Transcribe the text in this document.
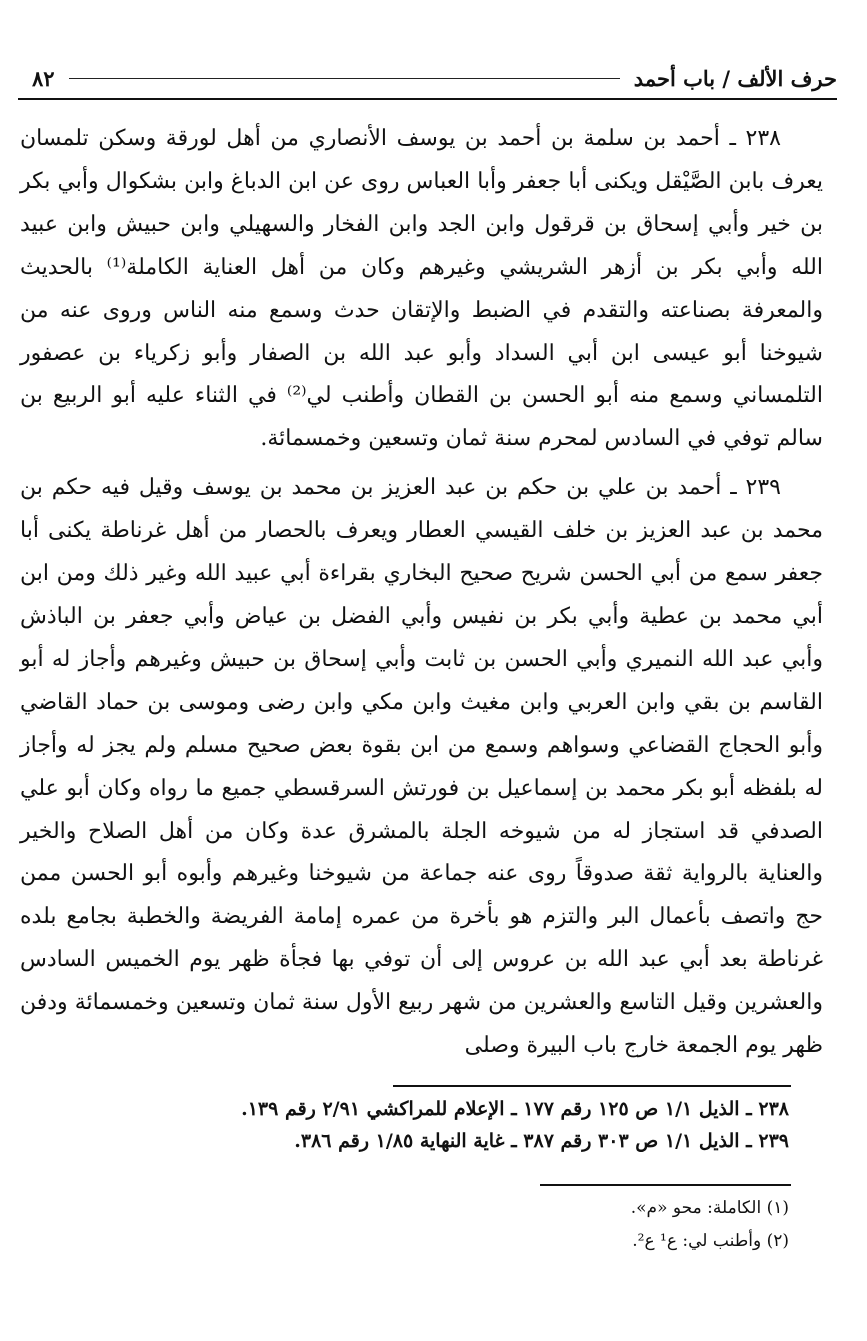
٨٢	حرف الألف / باب أحمد

٢٣٨ ـ أحمد بن سلمة بن أحمد بن يوسف الأنصاري من أهل لورقة وسكن تلمسان يعرف بابن الصَّيْقل ويكنى أبا جعفر وأبا العباس روى عن ابن الدباغ وابن بشكوال وأبي بكر بن خير وأبي إسحاق بن قرقول وابن الجد وابن الفخار والسهيلي وابن حبيش وابن عبيد الله وأبي بكر بن أزهر الشريشي وغيرهم وكان من أهل العناية الكاملة⁽¹⁾ بالحديث والمعرفة بصناعته والتقدم في الضبط والإتقان حدث وسمع منه الناس وروى عنه من شيوخنا أبو عيسى ابن أبي السداد وأبو عبد الله بن الصفار وأبو زكرياء بن عصفور التلمساني وسمع منه أبو الحسن بن القطان وأطنب لي⁽²⁾ في الثناء عليه أبو الربيع بن سالم توفي في السادس لمحرم سنة ثمان وتسعين وخمسمائة.

٢٣٩ ـ أحمد بن علي بن حكم بن عبد العزيز بن محمد بن يوسف وقيل فيه حكم بن محمد بن عبد العزيز بن خلف القيسي العطار ويعرف بالحصار من أهل غرناطة يكنى أبا جعفر سمع من أبي الحسن شريح صحيح البخاري بقراءة أبي عبيد الله وغير ذلك ومن ابن أبي محمد بن عطية وأبي بكر بن نفيس وأبي الفضل بن عياض وأبي جعفر بن الباذش وأبي عبد الله النميري وأبي الحسن بن ثابت وأبي إسحاق بن حبيش وغيرهم وأجاز له أبو القاسم بن بقي وابن العربي وابن مغيث وابن مكي وابن رضى وموسى بن حماد القاضي وأبو الحجاج القضاعي وسواهم وسمع من ابن بقوة بعض صحيح مسلم ولم يجز له وأجاز له بلفظه أبو بكر محمد بن إسماعيل بن فورتش السرقسطي جميع ما رواه وكان أبو علي الصدفي قد استجاز له من شيوخه الجلة بالمشرق عدة وكان من أهل الصلاح والخير والعناية بالرواية ثقة صدوقاً روى عنه جماعة من شيوخنا وغيرهم وأبوه أبو الحسن ممن حج واتصف بأعمال البر والتزم هو بأخرة من عمره إمامة الفريضة والخطبة بجامع بلده غرناطة بعد أبي عبد الله بن عروس إلى أن توفي بها فجأة ظهر يوم الخميس السادس والعشرين وقيل التاسع والعشرين من شهر ربيع الأول سنة ثمان وتسعين وخمسمائة ودفن ظهر يوم الجمعة خارج باب البيرة وصلى

٢٣٨ ـ الذيل ١/١ ص ١٢٥ رقم ١٧٧ ـ الإعلام للمراكشي ٢/٩١ رقم ١٣٩.

٢٣٩ ـ الذيل ١/١ ص ٣٠٣ رقم ٣٨٧ ـ غاية النهاية ١/٨٥ رقم ٣٨٦.

(١) الكاملة: محو «م».

(٢) وأطنب لي: ع¹ ع².
